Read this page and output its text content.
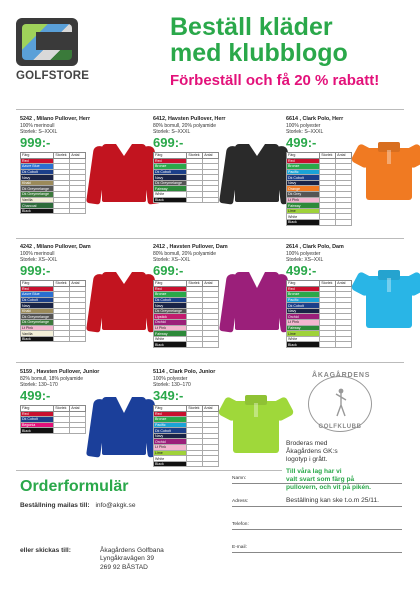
GOLFSTORE
Beställ kläder
med klubblogo
Förbeställ och få 20 % rabatt!
5242 , Milano Pullover, Herr
100% merinoull
Storlek: S–XXXL
999:-
Färg	Storlek	Antal
Red		
Azure Blue		
Dk Cobolt		
Navy		
Khaki		
Dk Greymelange		
Dk Greymelange		
Vanilla		
Charcoal		
Black		
6412, Havsten Pullover, Herr
80% bomull, 20% polyamide
Storlek: S–XXXL
699:-
Färg	Storlek	Antal
Red		
Bronze		
Dk Cobolt		
Navy		
Dk Greymelange		
Fairway		
White		
Black		
6614 , Clark Polo, Herr
100% polyester
Storlek: S–XXXL
499:-
Färg	Storlek	Antal
Red		
Bronze		
Pacific		
Dk Cobolt		
Navy		
Orange		
Dk Grey		
Lt Pink		
Fairway		
Lime		
White		
Black		
4242 , Milano Pullover, Dam
100% merinoull
Storlek: XS–XXL
999:-
Färg	Storlek	Antal
Red		
Azure Blue		
Dk Cobolt		
Navy		
Khaki		
Dk Greymelange		
Dk Greymelange		
Lt Pink		
Vanilla		
Black		
2412 , Havsten Pullover, Dam
80% bomull, 20% polyamide
Storlek: XS–XXL
699:-
Färg	Storlek	Antal
Red		
Bronze		
Dk Cobolt		
Navy		
Dk Greymelange		
Lipstick		
Orchid		
Lt Pink		
Fairway		
White		
Black		
2614 , Clark Polo, Dam
100% polyester
Storlek: XS–XXL
499:-
Färg	Storlek	Antal
Red		
Bronze		
Pacific		
Dk Cobolt		
Navy		
Orchid		
Lt Pink		
Fairway		
Lime		
White		
Black		
5159 , Havsten Pullover, Junior
82% bomull, 18% polyamide
Storlek: 130–170
499:-
Färg	Storlek	Antal
Red		
Dk Cobolt		
Begonia		
Black		
5114 , Clark Polo, Junior
100% polyester
Storlek: 130–170
349:-
Färg	Storlek	Antal
Red		
Bronze		
Pacific		
Dk Cobolt		
Navy		
Orchid		
Lt Pink		
Lime		
White		
Black		
ÅKAGÅRDENS
GOLFKLUBB
Broderas med
Åkagårdens GK:s
logotyp i grått.
Till våra lag har vi
valt svart som färg på
pullovern, och vit på pikén.
Beställning kan ske t.o.m 25/11.
Orderformulär
Beställning mailas till: info@akgk.se
eller skickas till:	Åkagårdens Golfbana
Lyngåkravägen 39
269 92 BÅSTAD
Namn:
Adress:
Telefon:
E-mail:
